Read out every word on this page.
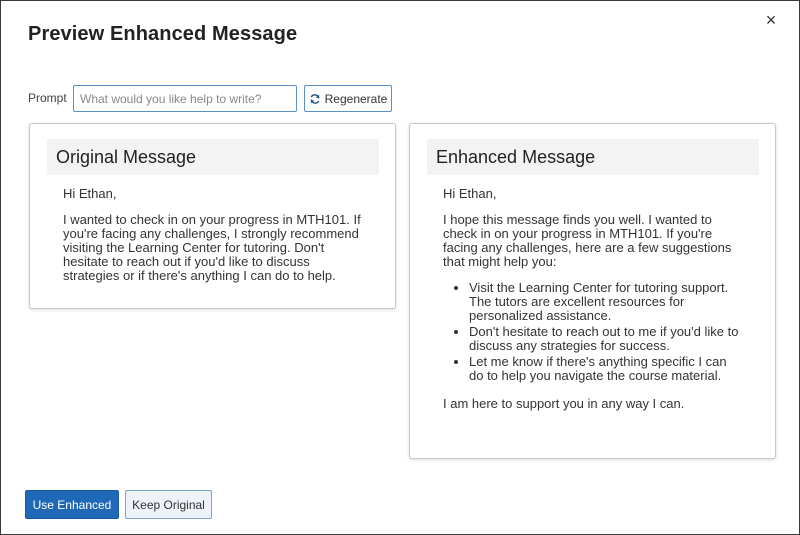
Preview Enhanced Message
×
Prompt
What would you like help to write?	Regenerate
Original Message

Hi Ethan,

I wanted to check in on your progress in MTH101. If you're facing any challenges, I strongly recommend visiting the Learning Center for tutoring. Don't hesitate to reach out if you'd like to discuss strategies or if there's anything I can do to help.

Enhanced Message

Hi Ethan,

I hope this message finds you well. I wanted to check in on your progress in MTH101. If you're facing any challenges, here are a few suggestions that might help you:

• Visit the Learning Center for tutoring support. The tutors are excellent resources for personalized assistance.
• Don't hesitate to reach out to me if you'd like to discuss any strategies for success.
• Let me know if there's anything specific I can do to help you navigate the course material.

I am here to support you in any way I can.

Use Enhanced	Keep Original
